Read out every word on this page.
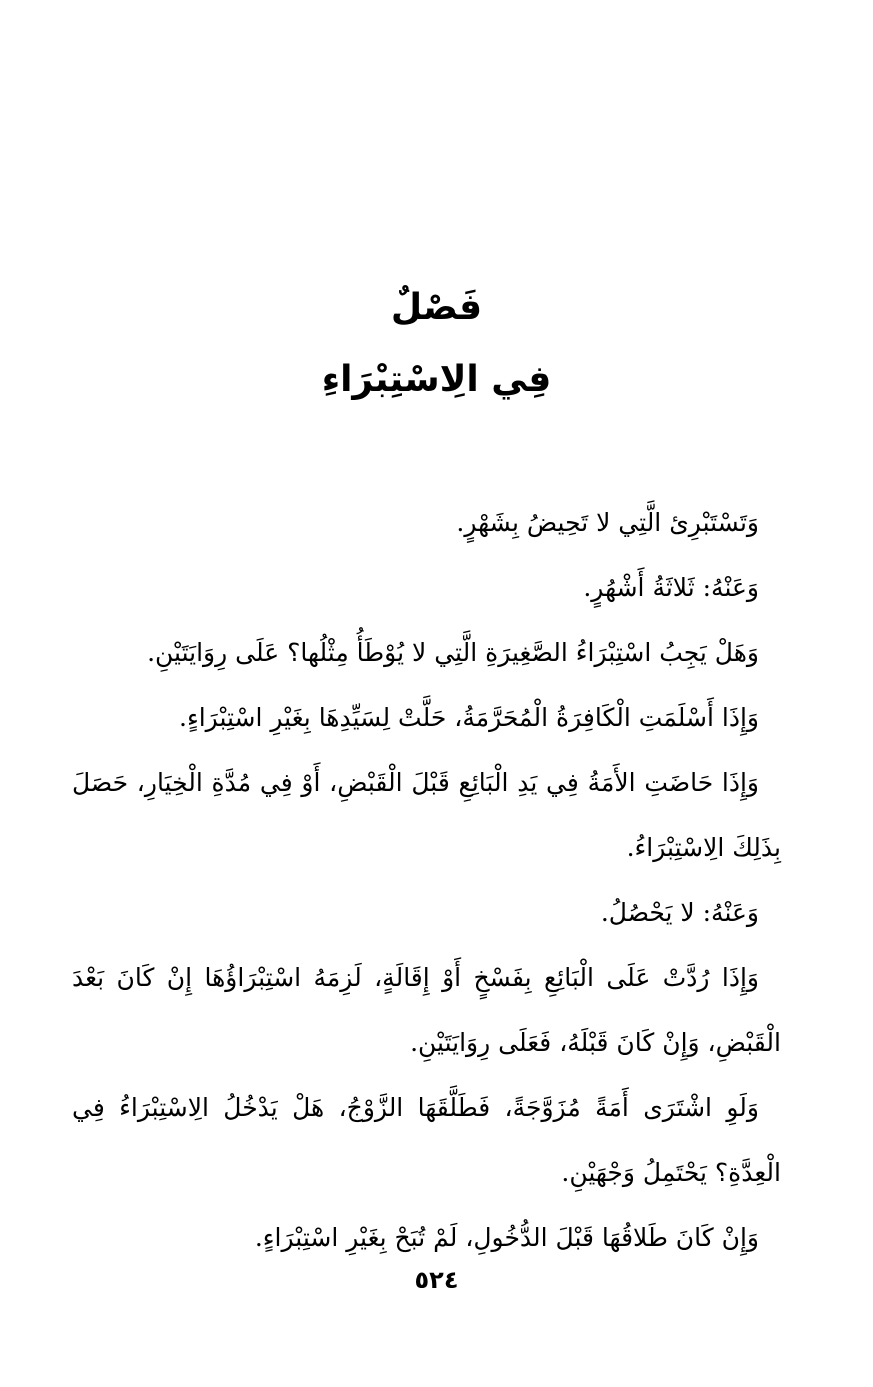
فَصْلٌ
فِي الِاسْتِبْرَاءِ

وَتَسْتَبْرِئ الَّتِي لا تَحِيضُ بِشَهْرٍ.

وَعَنْهُ: ثَلاثَةُ أَشْهُرٍ.

وَهَلْ يَجِبُ اسْتِبْرَاءُ الصَّغِيرَةِ الَّتِي لا يُوْطَأُ مِثْلُها؟ عَلَى رِوَايَتَيْنِ.

وَإِذَا أَسْلَمَتِ الْكَافِرَةُ الْمُحَرَّمَةُ، حَلَّتْ لِسَيِّدِهَا بِغَيْرِ اسْتِبْرَاءٍ.

وَإِذَا حَاضَتِ الأَمَةُ فِي يَدِ الْبَائِعِ قَبْلَ الْقَبْضِ، أَوْ فِي مُدَّةِ الْخِيَارِ، حَصَلَ بِذَلِكَ الِاسْتِبْرَاءُ.

وَعَنْهُ: لا يَحْصُلُ.

وَإِذَا رُدَّتْ عَلَى الْبَائِعِ بِفَسْخٍ أَوْ إِقَالَةٍ، لَزِمَهُ اسْتِبْرَاؤُهَا إِنْ كَانَ بَعْدَ الْقَبْضِ، وَإِنْ كَانَ قَبْلَهُ، فَعَلَى رِوَايَتَيْنِ.

وَلَوِ اشْتَرَى أَمَةً مُزَوَّجَةً، فَطَلَّقَهَا الزَّوْجُ، هَلْ يَدْخُلُ الِاسْتِبْرَاءُ فِي الْعِدَّةِ؟ يَحْتَمِلُ وَجْهَيْنِ.

وَإِنْ كَانَ طَلاقُهَا قَبْلَ الدُّخُولِ، لَمْ تُبَحْ بِغَيْرِ اسْتِبْرَاءٍ.

٥٢٤
